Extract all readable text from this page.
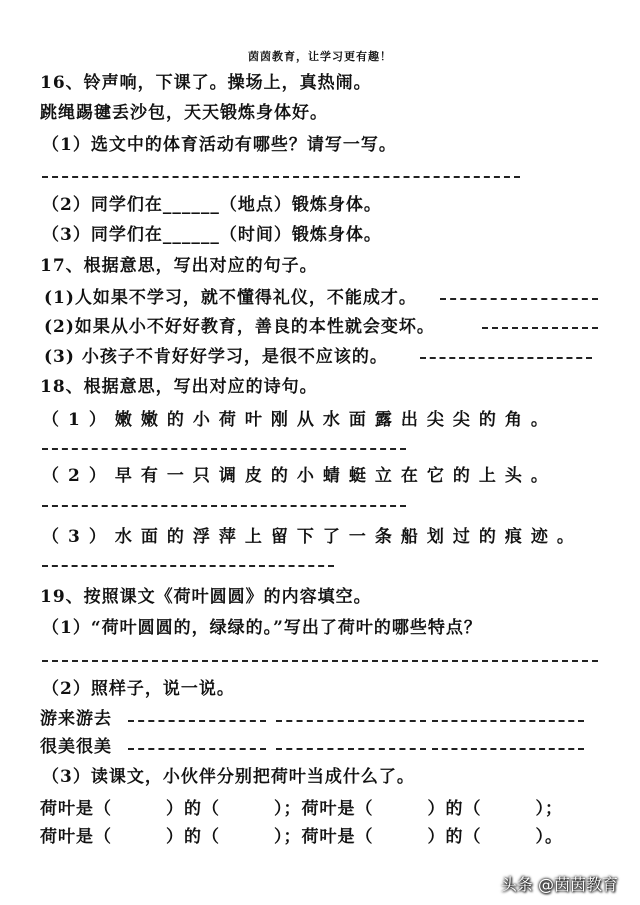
茵茵教育，让学习更有趣！
16、铃声响，下课了。操场上，真热闹。
跳绳踢毽丢沙包，天天锻炼身体好。
（1）选文中的体育活动有哪些？请写一写。
（2）同学们在______（地点）锻炼身体。
（3）同学们在______（时间）锻炼身体。
17、根据意思，写出对应的句子。
(1)人如果不学习，就不懂得礼仪，不能成才。
(2)如果从小不好好教育，善良的本性就会变坏。
(3) 小孩子不肯好好学习，是很不应该的。
18、根据意思，写出对应的诗句。
（1）嫩嫩的小荷叶刚从水面露出尖尖的角。
（2）早有一只调皮的小蜻蜓立在它的上头。
（3）水面的浮萍上留下了一条船划过的痕迹。
19、按照课文《荷叶圆圆》的内容填空。
（1）“荷叶圆圆的，绿绿的。”写出了荷叶的哪些特点？
（2）照样子，说一说。
游来游去
很美很美
（3）读课文，小伙伴分别把荷叶当成什么了。
荷叶是（　　　）的（　　　）；荷叶是（　　　）的（　　　）；
荷叶是（　　　）的（　　　）；荷叶是（　　　）的（　　　）。
头条 @茵茵教育
